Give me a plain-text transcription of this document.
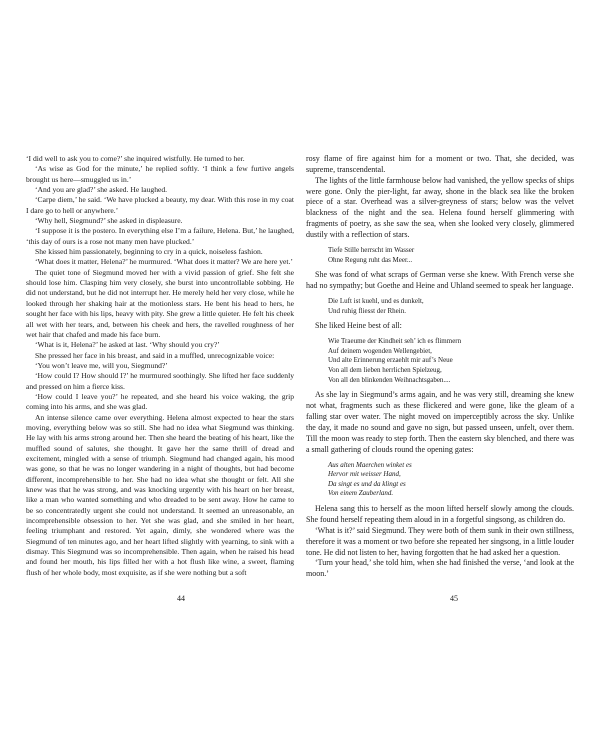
‘I did well to ask you to come?’ she inquired wistfully. He turned to her.

‘As wise as God for the minute,’ he replied softly. ‘I think a few furtive angels brought us here—smuggled us in.’

‘And you are glad?’ she asked. He laughed.

‘Carpe diem,’ he said. ‘We have plucked a beauty, my dear. With this rose in my coat I dare go to hell or anywhere.’

‘Why hell, Siegmund?’ she asked in displeasure.

‘I suppose it is the postero. In everything else I’m a failure, Helena. But,’ he laughed, ‘this day of ours is a rose not many men have plucked.’

She kissed him passionately, beginning to cry in a quick, noiseless fashion.

‘What does it matter, Helena?’ he murmured. ‘What does it matter? We are here yet.’

The quiet tone of Siegmund moved her with a vivid passion of grief. She felt she should lose him. Clasping him very closely, she burst into uncontrollable sobbing. He did not understand, but he did not interrupt her. He merely held her very close, while he looked through her shaking hair at the motionless stars. He bent his head to hers, he sought her face with his lips, heavy with pity. She grew a little quieter. He felt his cheek all wet with her tears, and, between his cheek and hers, the ravelled roughness of her wet hair that chafed and made his face burn.

‘What is it, Helena?’ he asked at last. ‘Why should you cry?’

She pressed her face in his breast, and said in a muffled, unrecognizable voice:

‘You won’t leave me, will you, Siegmund?’

‘How could I? How should I?’ he murmured soothingly. She lifted her face suddenly and pressed on him a fierce kiss.

‘How could I leave you?’ he repeated, and she heard his voice waking, the grip coming into his arms, and she was glad.

An intense silence came over everything. Helena almost expected to hear the stars moving, everything below was so still. She had no idea what Siegmund was thinking. He lay with his arms strong around her. Then she heard the beating of his heart, like the muffled sound of salutes, she thought. It gave her the same thrill of dread and excitement, mingled with a sense of triumph. Siegmund had changed again, his mood was gone, so that he was no longer wandering in a night of thoughts, but had become different, incomprehensible to her. She had no idea what she thought or felt. All she knew was that he was strong, and was knocking urgently with his heart on her breast, like a man who wanted something and who dreaded to be sent away. How he came to be so concentratedly urgent she could not understand. It seemed an unreasonable, an incomprehensible obsession to her. Yet she was glad, and she smiled in her heart, feeling triumphant and restored. Yet again, dimly, she wondered where was the Siegmund of ten minutes ago, and her heart lifted slightly with yearning, to sink with a dismay. This Siegmund was so incomprehensible. Then again, when he raised his head and found her mouth, his lips filled her with a hot flush like wine, a sweet, flaming flush of her whole body, most exquisite, as if she were nothing but a soft

rosy flame of fire against him for a moment or two. That, she decided, was supreme, transcendental.

The lights of the little farmhouse below had vanished, the yellow specks of ships were gone. Only the pier-light, far away, shone in the black sea like the broken piece of a star. Overhead was a silver-greyness of stars; below was the velvet blackness of the night and the sea. Helena found herself glimmering with fragments of poetry, as she saw the sea, when she looked very closely, glimmered dustily with a reflection of stars.

Tiefe Stille herrscht im Wasser
Ohne Regung ruht das Meer...

She was fond of what scraps of German verse she knew. With French verse she had no sympathy; but Goethe and Heine and Uhland seemed to speak her language.

Die Luft ist kuehl, und es dunkelt,
Und ruhig fliesst der Rhein.

She liked Heine best of all:

Wie Traeume der Kindheit seh’ ich es flimmern
Auf deinem wogenden Wellengebiet,
Und alte Erinnerung erzaehlt mir auf’s Neue
Von all dem lieben herrlichen Spielzeug,
Von all den blinkenden Weihnachtsgaben....

As she lay in Siegmund’s arms again, and he was very still, dreaming she knew not what, fragments such as these flickered and were gone, like the gleam of a falling star over water. The night moved on imperceptibly across the sky. Unlike the day, it made no sound and gave no sign, but passed unseen, unfelt, over them. Till the moon was ready to step forth. Then the eastern sky blenched, and there was a small gathering of clouds round the opening gates:

Aus alten Maerchen winket es
Hervor mit weisser Hand,
Da singt es und da klingt es
Von einem Zauberland.

Helena sang this to herself as the moon lifted herself slowly among the clouds. She found herself repeating them aloud in in a forgetful singsong, as children do.

‘What is it?’ said Siegmund. They were both of them sunk in their own stillness, therefore it was a moment or two before she repeated her singsong, in a little louder tone. He did not listen to her, having forgotten that he had asked her a question.

‘Turn your head,’ she told him, when she had finished the verse, ‘and look at the moon.’

44	45
